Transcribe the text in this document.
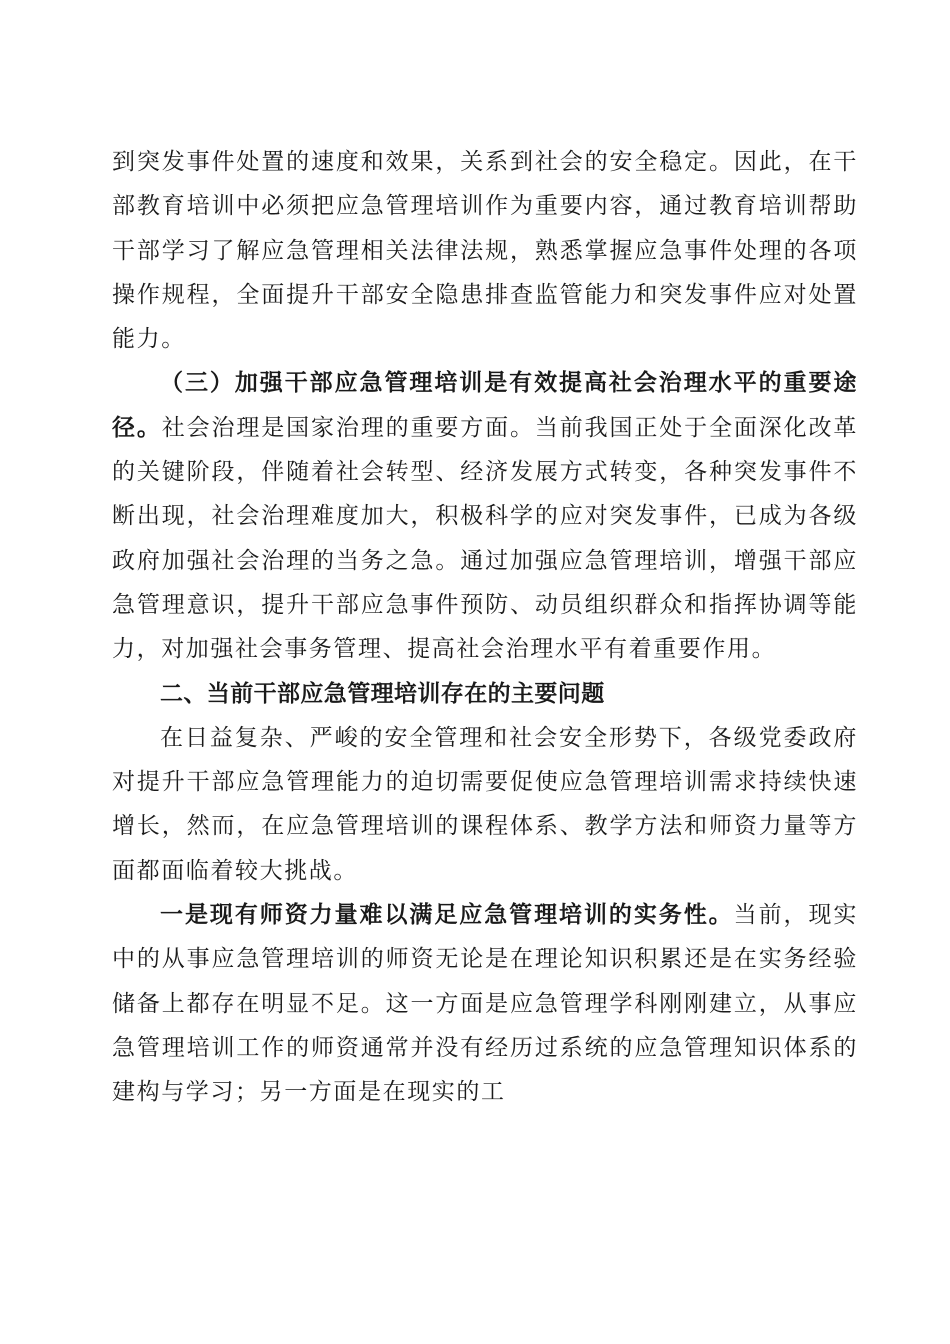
到突发事件处置的速度和效果，关系到社会的安全稳定。因此，在干部教育培训中必须把应急管理培训作为重要内容，通过教育培训帮助干部学习了解应急管理相关法律法规，熟悉掌握应急事件处理的各项操作规程，全面提升干部安全隐患排查监管能力和突发事件应对处置能力。

（三）加强干部应急管理培训是有效提高社会治理水平的重要途径。社会治理是国家治理的重要方面。当前我国正处于全面深化改革的关键阶段，伴随着社会转型、经济发展方式转变，各种突发事件不断出现，社会治理难度加大，积极科学的应对突发事件，已成为各级政府加强社会治理的当务之急。通过加强应急管理培训，增强干部应急管理意识，提升干部应急事件预防、动员组织群众和指挥协调等能力，对加强社会事务管理、提高社会治理水平有着重要作用。

二、当前干部应急管理培训存在的主要问题

在日益复杂、严峻的安全管理和社会安全形势下，各级党委政府对提升干部应急管理能力的迫切需要促使应急管理培训需求持续快速增长，然而，在应急管理培训的课程体系、教学方法和师资力量等方面都面临着较大挑战。

一是现有师资力量难以满足应急管理培训的实务性。当前，现实中的从事应急管理培训的师资无论是在理论知识积累还是在实务经验储备上都存在明显不足。这一方面是应急管理学科刚刚建立，从事应急管理培训工作的师资通常并没有经历过系统的应急管理知识体系的建构与学习；另一方面是在现实的工
